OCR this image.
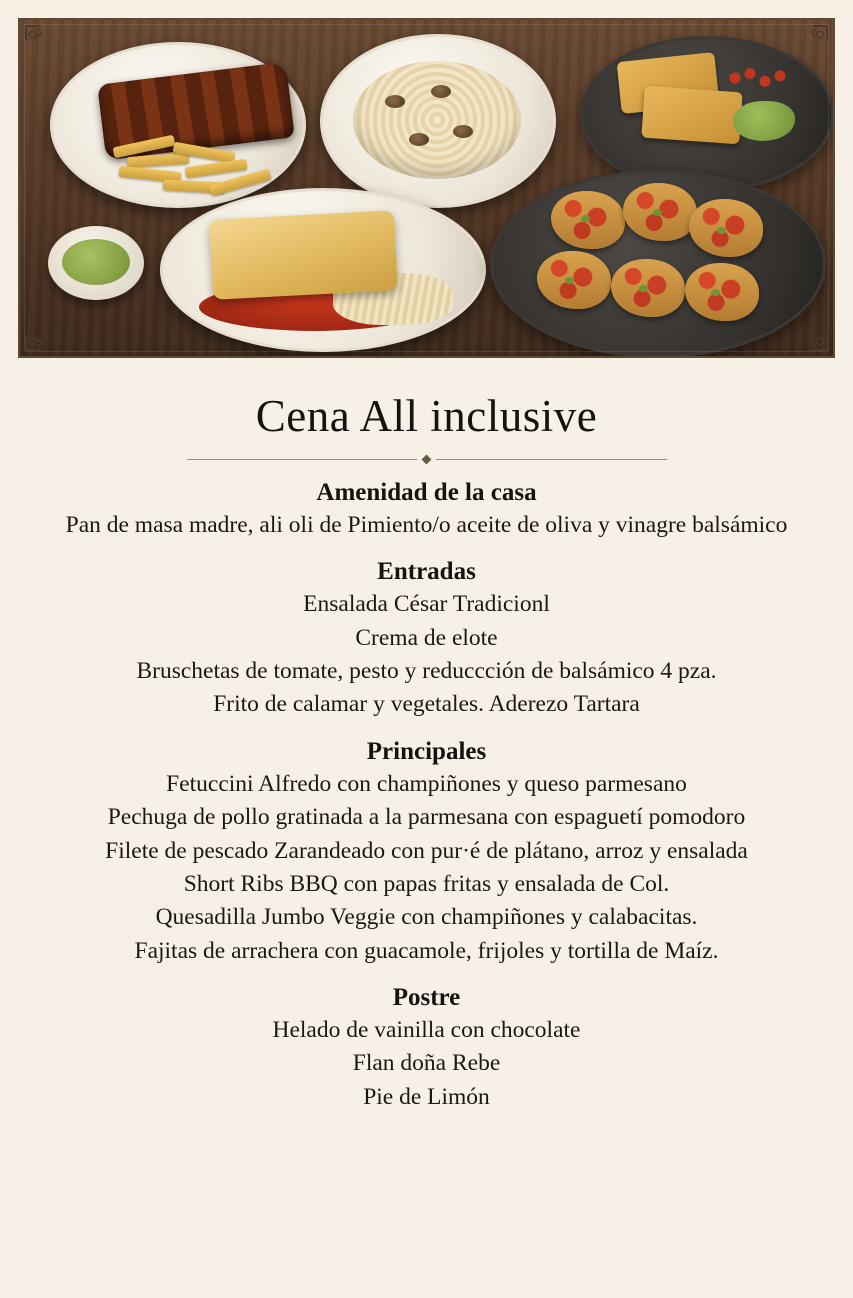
Cena All inclusive
Amenidad de la casa

Pan de masa madre, ali oli de Pimiento/o aceite de oliva y vinagre balsámico

Entradas

Ensalada César Tradicionl

Crema de elote

Bruschetas de tomate, pesto y reduccción de balsámico 4 pza.

Frito de calamar y vegetales. Aderezo Tartara

Principales

Fetuccini Alfredo con champiñones y queso parmesano

Pechuga de pollo gratinada a la parmesana con espaguetí pomodoro

Filete de pescado Zarandeado con pur·é de plátano, arroz y ensalada

Short Ribs BBQ con papas fritas y ensalada de Col.

Quesadilla Jumbo Veggie con champiñones y calabacitas.

Fajitas de arrachera con guacamole, frijoles y tortilla de Maíz.

Postre

Helado de vainilla con chocolate

Flan doña Rebe

Pie de Limón
